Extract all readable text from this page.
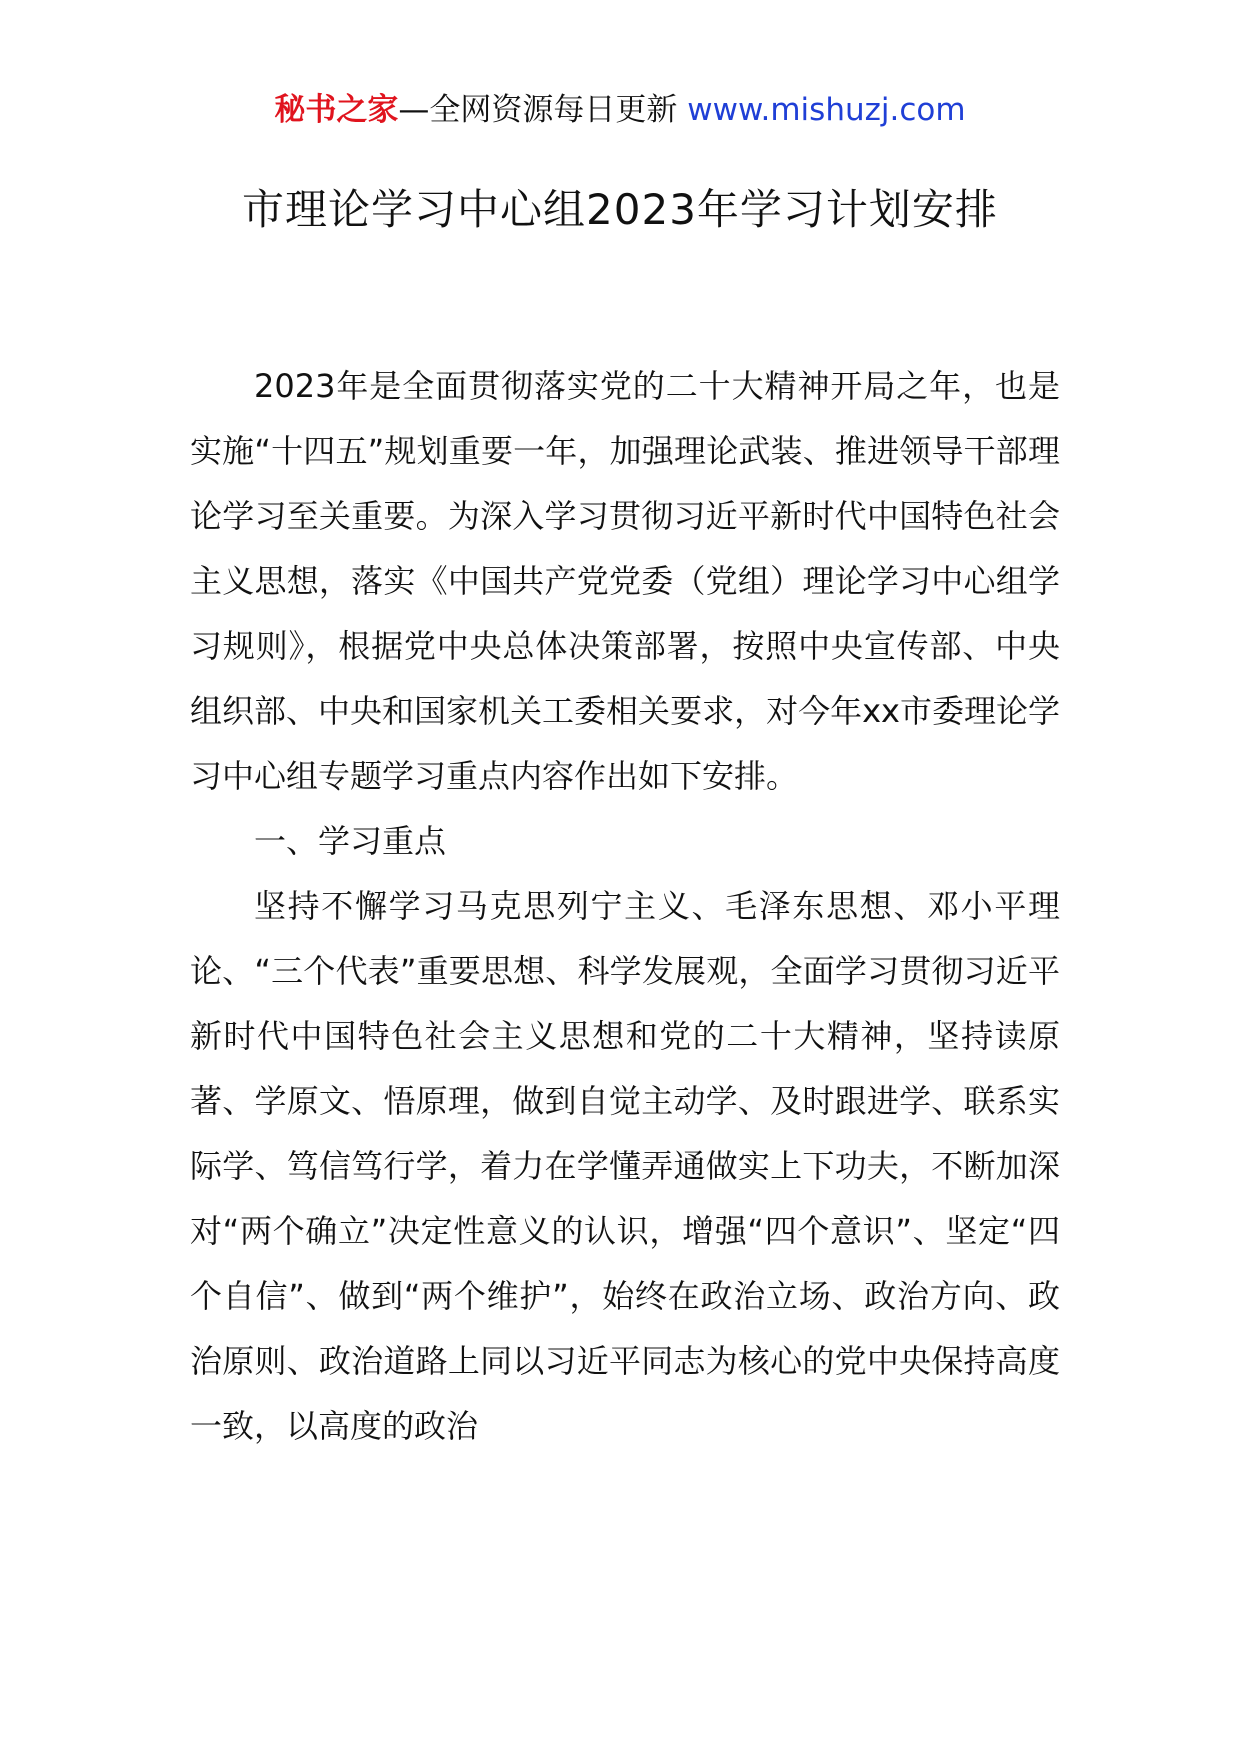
秘书之家—全网资源每日更新 www.mishuzj.com
市理论学习中心组2023年学习计划安排

2023年是全面贯彻落实党的二十大精神开局之年，也是实施“十四五”规划重要一年，加强理论武装、推进领导干部理论学习至关重要。为深入学习贯彻习近平新时代中国特色社会主义思想，落实《中国共产党党委（党组）理论学习中心组学习规则》，根据党中央总体决策部署，按照中央宣传部、中央组织部、中央和国家机关工委相关要求，对今年xx市委理论学习中心组专题学习重点内容作出如下安排。

一、学习重点

坚持不懈学习马克思列宁主义、毛泽东思想、邓小平理论、“三个代表”重要思想、科学发展观，全面学习贯彻习近平新时代中国特色社会主义思想和党的二十大精神，坚持读原著、学原文、悟原理，做到自觉主动学、及时跟进学、联系实际学、笃信笃行学，着力在学懂弄通做实上下功夫，不断加深对“两个确立”决定性意义的认识，增强“四个意识”、坚定“四个自信”、做到“两个维护”，始终在政治立场、政治方向、政治原则、政治道路上同以习近平同志为核心的党中央保持高度一致，以高度的政治
